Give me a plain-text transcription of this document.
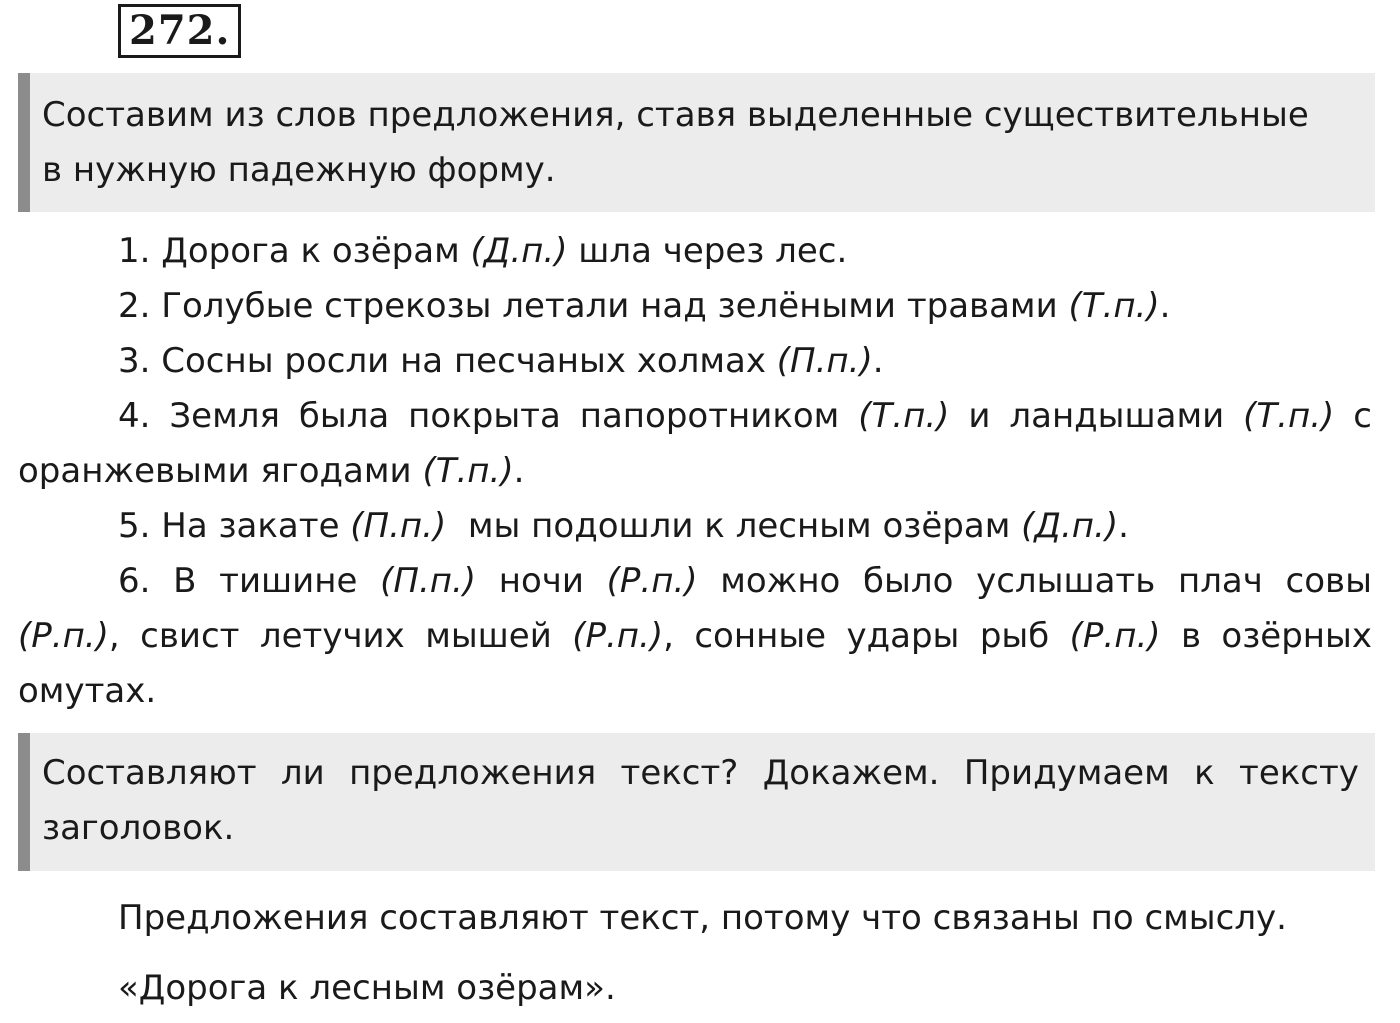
272.
Составим из слов предложения, ставя выделенные существительные
в нужную падежную форму.
1. Дорога к озёрам (Д.п.) шла через лес.
2. Голубые стрекозы летали над зелёными травами (Т.п.).
3. Сосны росли на песчаных холмах (П.п.).
4. Земля была покрыта папоротником (Т.п.) и ландышами (Т.п.) с
оранжевыми ягодами (Т.п.).
5. На закате (П.п.)  мы подошли к лесным озёрам (Д.п.).
6. В тишине (П.п.) ночи (Р.п.) можно было услышать плач совы
(Р.п.), свист летучих мышей (Р.п.), сонные удары рыб (Р.п.) в озёрных
омутах.
Составляют ли предложения текст? Докажем. Придумаем к тексту
заголовок.
Предложения составляют текст, потому что связаны по смыслу.
«Дорога к лесным озёрам».
